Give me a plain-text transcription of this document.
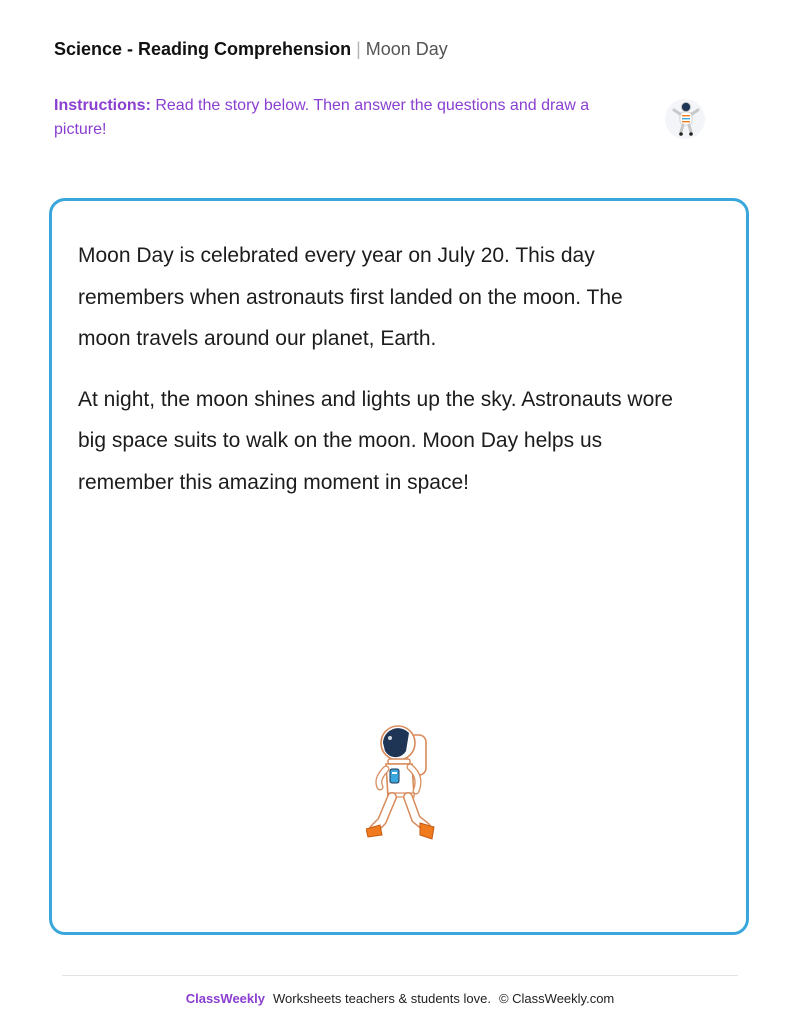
Science - Reading Comprehension | Moon Day
Instructions: Read the story below. Then answer the questions and draw a picture!

Moon Day is celebrated every year on July 20. This day remembers when astronauts first landed on the moon. The moon travels around our planet, Earth.

At night, the moon shines and lights up the sky. Astronauts wore big space suits to walk on the moon. Moon Day helps us remember this amazing moment in space!

ClassWeekly Worksheets teachers & students love. © ClassWeekly.com
